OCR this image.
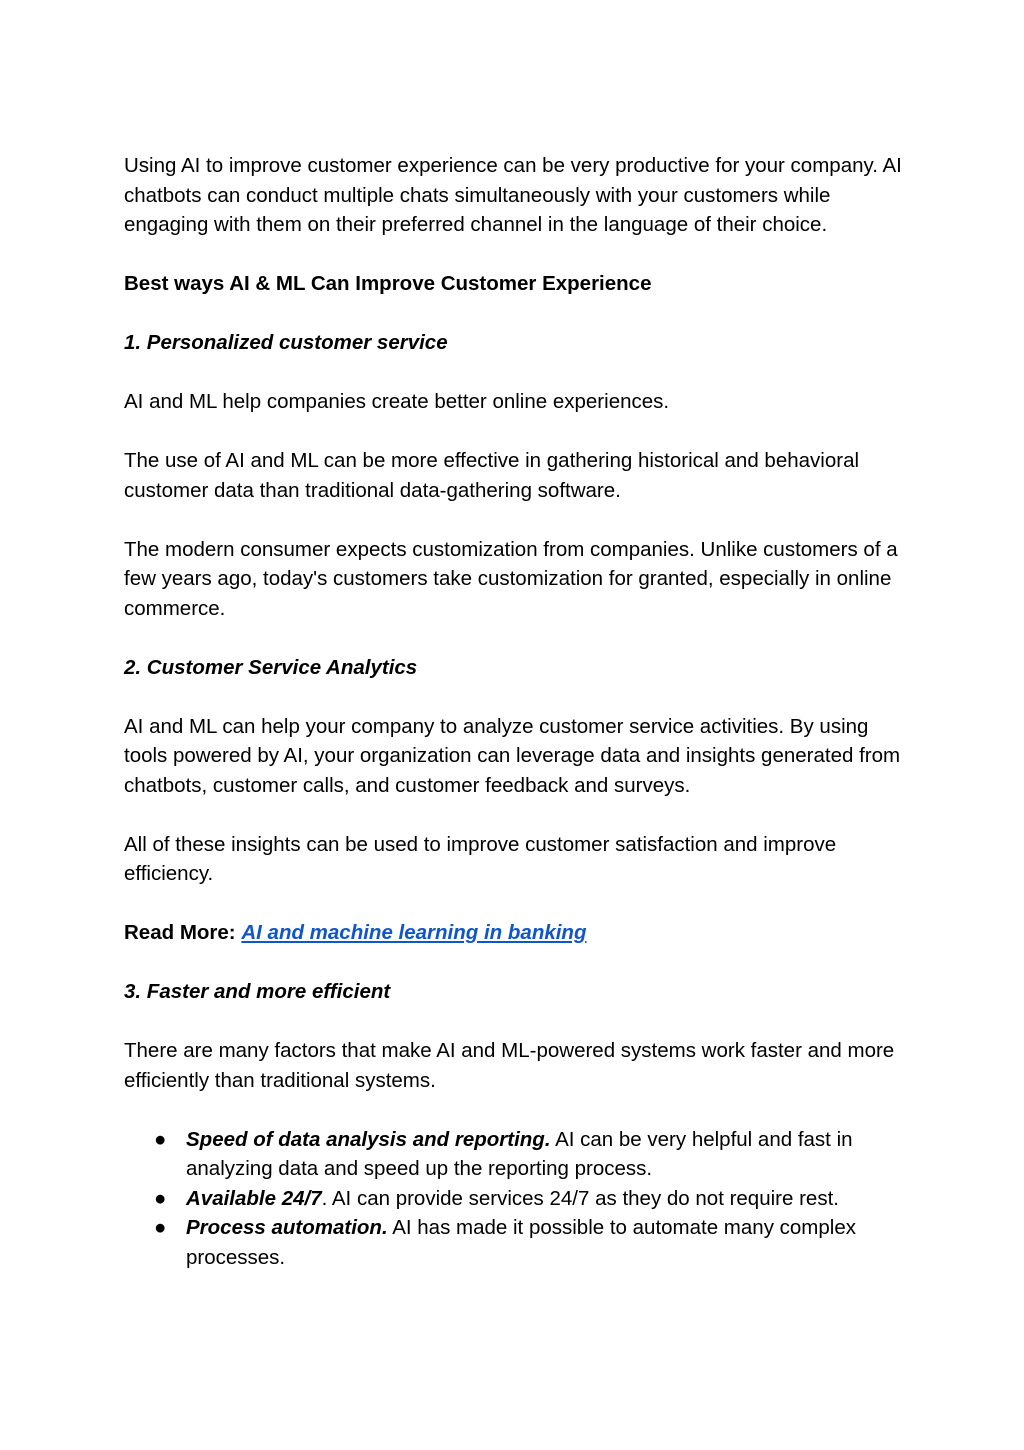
Using AI to improve customer experience can be very productive for your company. AI chatbots can conduct multiple chats simultaneously with your customers while engaging with them on their preferred channel in the language of their choice.

Best ways AI & ML Can Improve Customer Experience
1. Personalized customer service

AI and ML help companies create better online experiences.

The use of AI and ML can be more effective in gathering historical and behavioral customer data than traditional data-gathering software.

The modern consumer expects customization from companies. Unlike customers of a few years ago, today's customers take customization for granted, especially in online commerce.

2. Customer Service Analytics

AI and ML can help your company to analyze customer service activities. By using tools powered by AI, your organization can leverage data and insights generated from chatbots, customer calls, and customer feedback and surveys.

All of these insights can be used to improve customer satisfaction and improve efficiency.

Read More: AI and machine learning in banking

3. Faster and more efficient

There are many factors that make AI and ML-powered systems work faster and more efficiently than traditional systems.

● Speed of data analysis and reporting. AI can be very helpful and fast in analyzing data and speed up the reporting process.
● Available 24/7. AI can provide services 24/7 as they do not require rest.
● Process automation. AI has made it possible to automate many complex processes.
